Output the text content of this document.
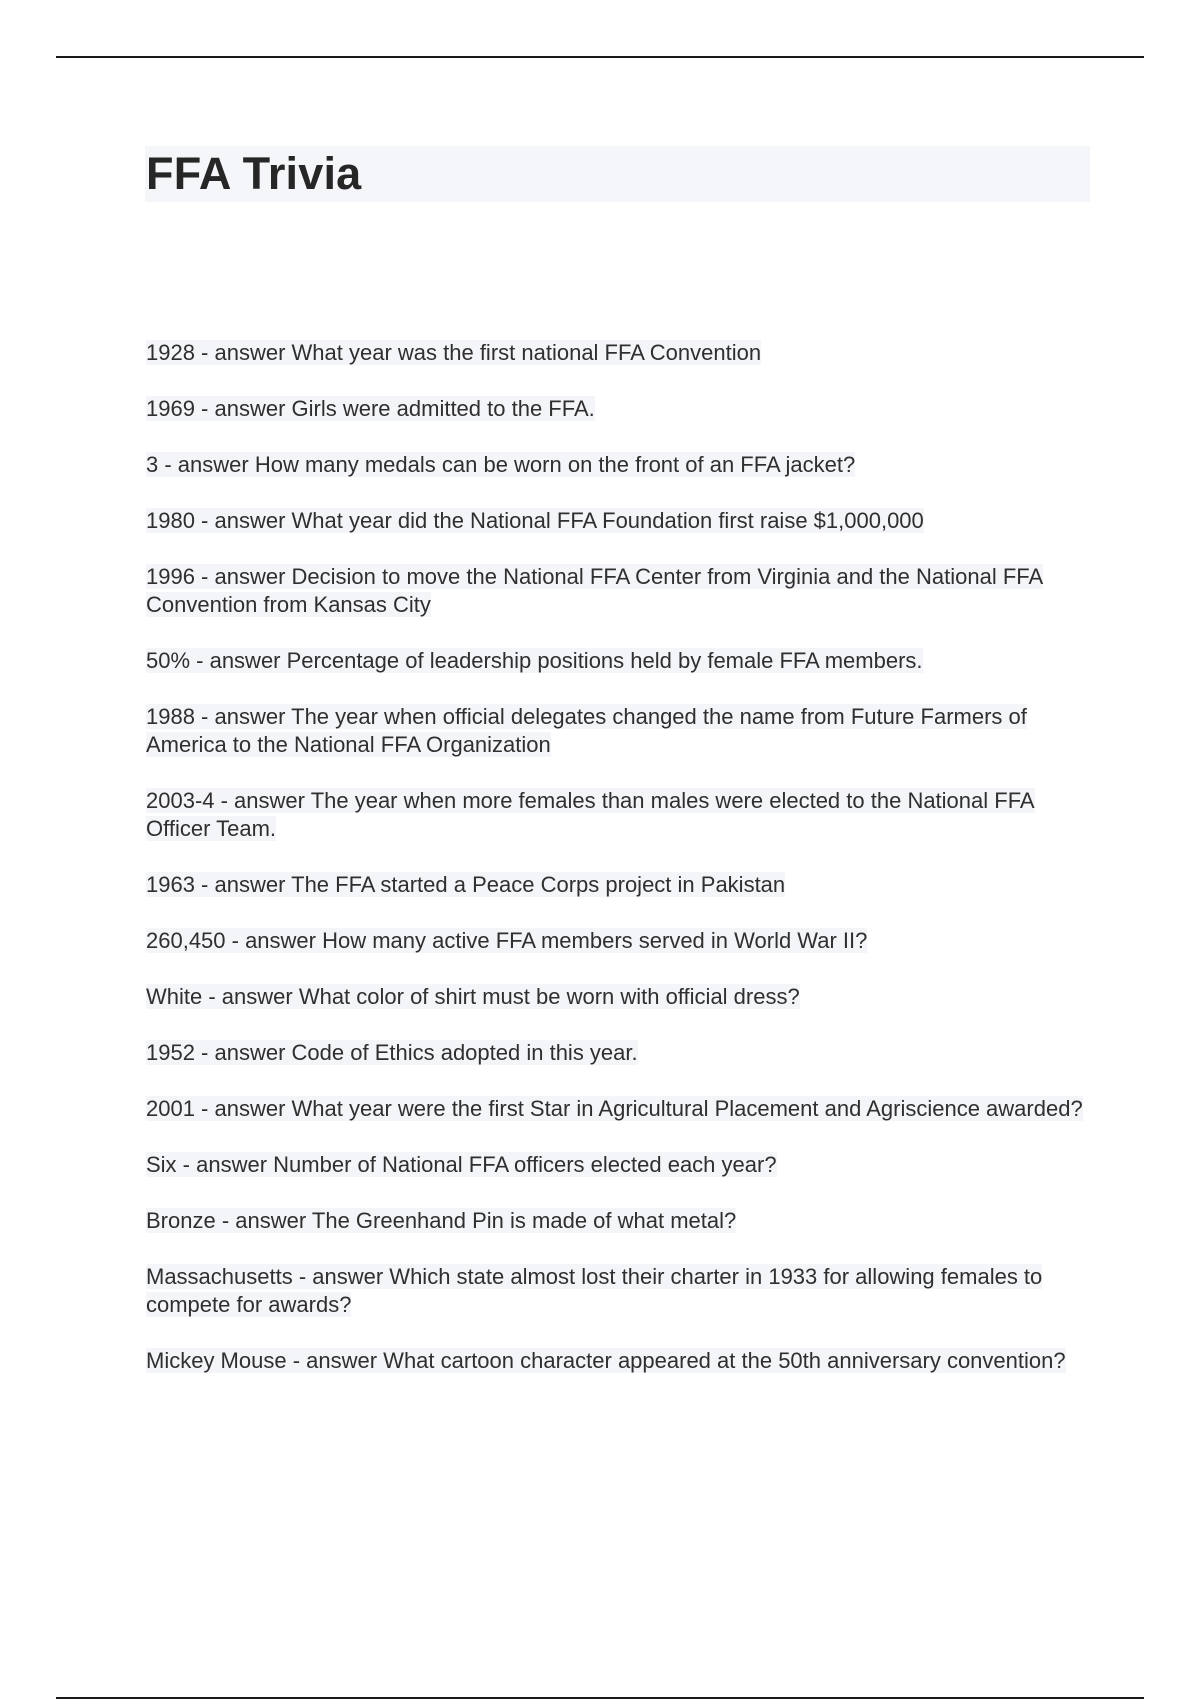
FFA Trivia
1928 - answer What year was the first national FFA Convention
1969 - answer Girls were admitted to the FFA.
3 - answer How many medals can be worn on the front of an FFA jacket?
1980 - answer What year did the National FFA Foundation first raise $1,000,000
1996 - answer Decision to move the National FFA Center from Virginia and the National FFA Convention from Kansas City
50% - answer Percentage of leadership positions held by female FFA members.
1988 - answer The year when official delegates changed the name from Future Farmers of America to the National FFA Organization
2003-4 - answer The year when more females than males were elected to the National FFA Officer Team.
1963 - answer The FFA started a Peace Corps project in Pakistan
260,450 - answer How many active FFA members served in World War II?
White - answer What color of shirt must be worn with official dress?
1952 - answer Code of Ethics adopted in this year.
2001 - answer What year were the first Star in Agricultural Placement and Agriscience awarded?
Six - answer Number of National FFA officers elected each year?
Bronze - answer The Greenhand Pin is made of what metal?
Massachusetts - answer Which state almost lost their charter in 1933 for allowing females to compete for awards?
Mickey Mouse - answer What cartoon character appeared at the 50th anniversary convention?
